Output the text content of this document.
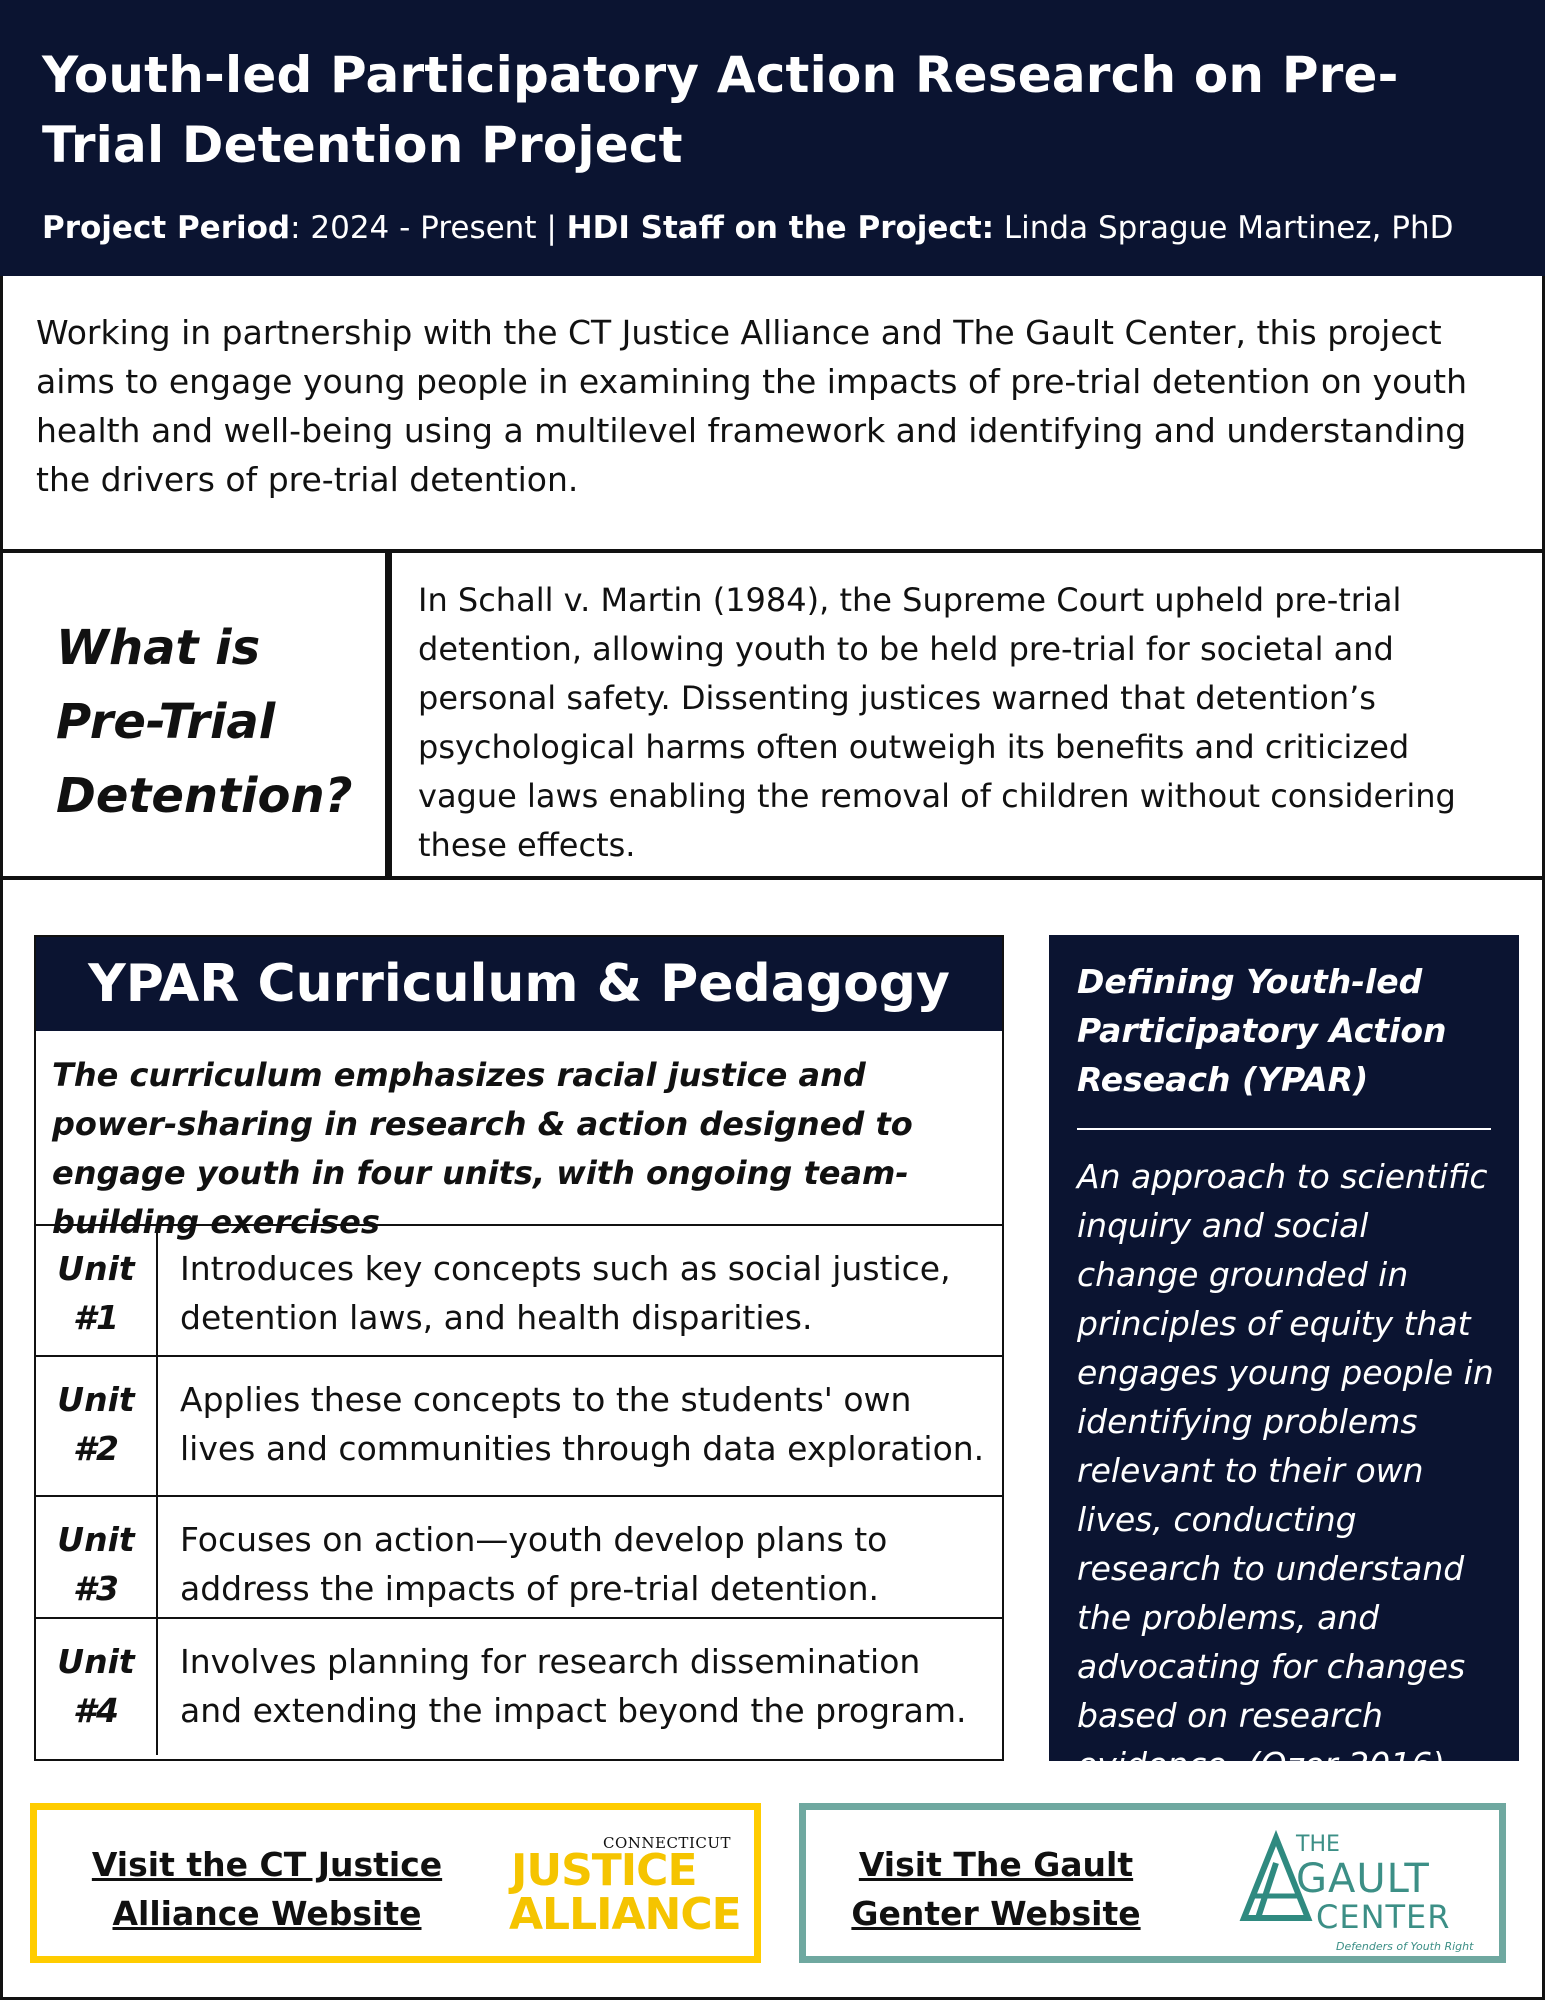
Youth-led Participatory Action Research on Pre-Trial Detention Project
Project Period: 2024 - Present | HDI Staff on the Project: Linda Sprague Martinez, PhD
Working in partnership with the CT Justice Alliance and The Gault Center, this project aims to engage young people in examining the impacts of pre-trial detention on youth health and well-being using a multilevel framework and identifying and understanding the drivers of pre-trial detention.
What is
Pre-Trial
Detention?
In Schall v. Martin (1984), the Supreme Court upheld pre-trial detention, allowing youth to be held pre-trial for societal and personal safety. Dissenting justices warned that detention’s psychological harms often outweigh its benefits and criticized vague laws enabling the removal of children without considering these effects.
YPAR Curriculum & Pedagogy
The curriculum emphasizes racial justice and power-sharing in research & action designed to engage youth in four units, with ongoing team-building exercises
Unit
#1
Introduces key concepts such as social justice, detention laws, and health disparities.
Unit
#2
Applies these concepts to the students' own lives and communities through data exploration.
Unit
#3
Focuses on action—youth develop plans to address the impacts of pre-trial detention.
Unit
#4
Involves planning for research dissemination and extending the impact beyond the program.
Defining Youth-led Participatory Action Reseach (YPAR)
An approach to scientific inquiry and social change grounded in principles of equity that engages young people in identifying problems relevant to their own lives, conducting research to understand the problems, and advocating for changes based on research evidence. (Ozer 2016)
Visit the CT Justice Alliance Website
CONNECTICUT
JUSTICE
ALLIANCE
Visit The Gault Genter Website
THE
GAULT
CENTER
Defenders of Youth Right
